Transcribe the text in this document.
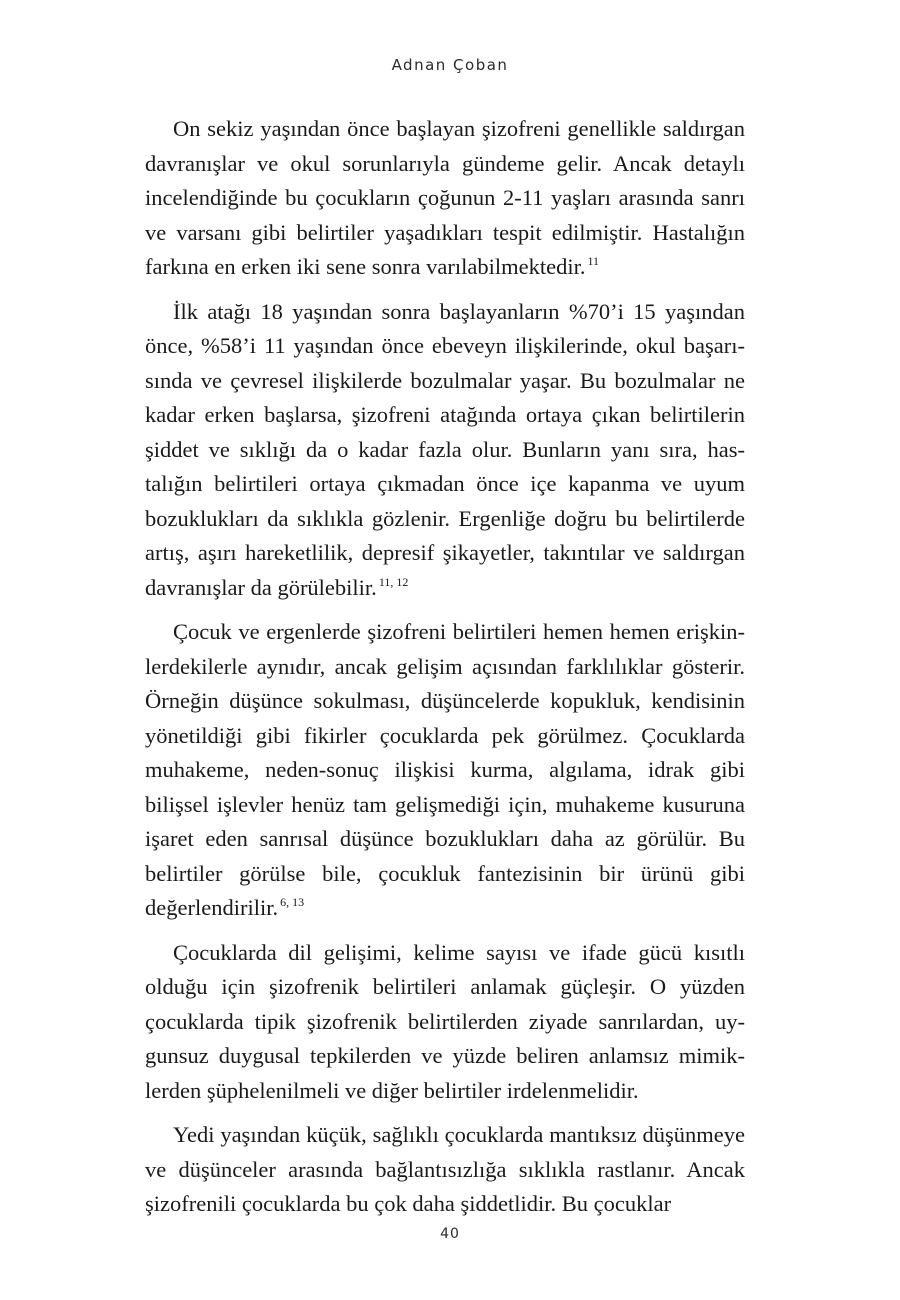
Adnan Çoban

On sekiz yaşından önce başlayan şizofreni genellikle saldırgan davranışlar ve okul sorunlarıyla gündeme gelir. Ancak detaylı incelendiğinde bu çocukların çoğunun 2-11 yaşları arasında sanrı ve varsanı gibi belirtiler yaşadıkları tespit edilmiştir. Hastalığın farkına en erken iki sene sonra varılabilmektedir. $^{11}$

İlk atağı 18 yaşından sonra başlayanların %70’i 15 yaşından önce, %58’i 11 yaşından önce ebeveyn ilişkilerinde, okul başarısında ve çevresel ilişkilerde bozulmalar yaşar. Bu bozulmalar ne kadar erken başlarsa, şizofreni atağında ortaya çıkan belirtilerin şiddet ve sıklığı da o kadar fazla olur. Bunların yanı sıra, hastalığın belirtileri ortaya çıkmadan önce içe kapanma ve uyum bozuklukları da sıklıkla gözlenir. Ergenliğe doğru bu belirtilerde artış, aşırı hareketlilik, depresif şikayetler, takıntılar ve saldırgan davranışlar da görülebilir. $^{11, 12}$

Çocuk ve ergenlerde şizofreni belirtileri hemen hemen erişkinlerdekilerle aynıdır, ancak gelişim açısından farklılıklar gösterir. Örneğin düşünce sokulması, düşüncelerde kopukluk, kendisinin yönetildiği gibi fikirler çocuklarda pek görülmez. Çocuklarda muhakeme, neden-sonuç ilişkisi kurma, algılama, idrak gibi bilişsel işlevler henüz tam gelişmediği için, muhakeme kusuruna işaret eden sanrısal düşünce bozuklukları daha az görülür. Bu belirtiler görülse bile, çocukluk fantezisinin bir ürünü gibi değerlendirilir. $^{6, 13}$

Çocuklarda dil gelişimi, kelime sayısı ve ifade gücü kısıtlı olduğu için şizofrenik belirtileri anlamak güçleşir. O yüzden çocuklarda tipik şizofrenik belirtilerden ziyade sanrılardan, uygunsuz duygusal tepkilerden ve yüzde beliren anlamsız mimiklerden şüphelenilmeli ve diğer belirtiler irdelenmelidir.

Yedi yaşından küçük, sağlıklı çocuklarda mantıksız düşünmeye ve düşünceler arasında bağlantısızlığa sıklıkla rastlanır. Ancak şizofrenili çocuklarda bu çok daha şiddetlidir. Bu çocuklar

40
